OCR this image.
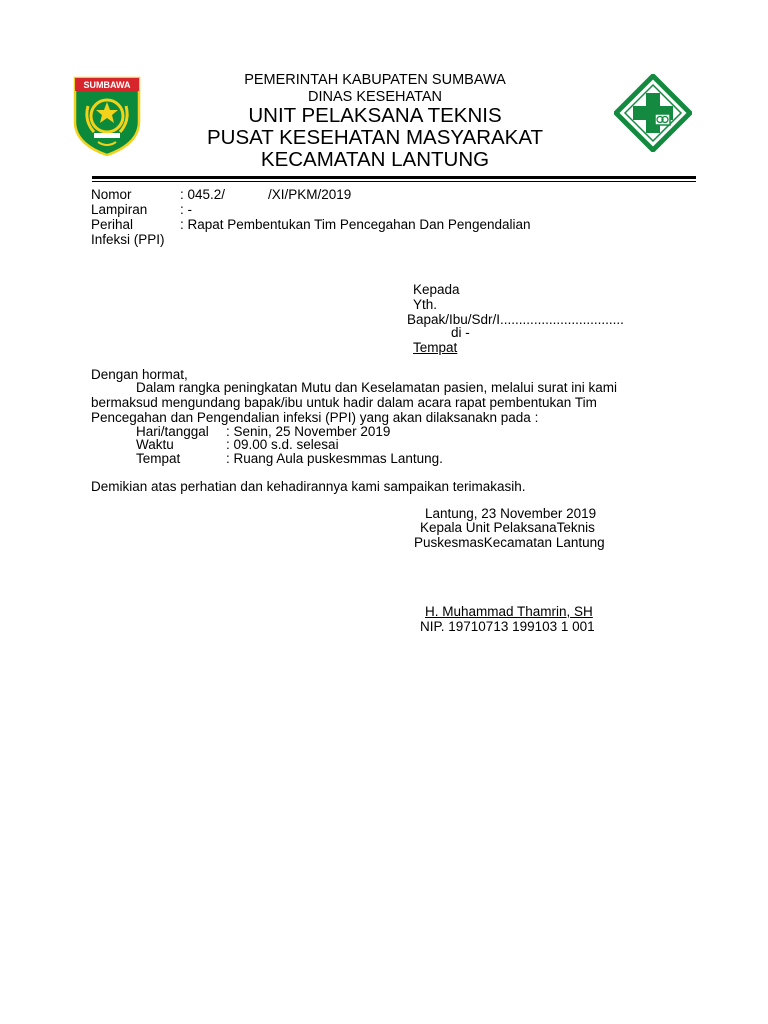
SUMBAWA	PEMERINTAH KABUPATEN SUMBAWA
DINAS KESEHATAN
UNIT PELAKSANA TEKNIS
PUSAT KESEHATAN MASYARAKAT
KECAMATAN LANTUNG
Nomor	: 045.2/	/XI/PKM/2019
Lampiran : -
Perihal	: Rapat Pembentukan Tim Pencegahan Dan Pengendalian
Infeksi (PPI)
Kepada
Yth.
Bapak/Ibu/Sdr/I.................................
di -
Tempat
Dengan hormat,
Dalam rangka peningkatan Mutu dan Keselamatan pasien, melalui surat ini kami
bermaksud mengundang bapak/ibu untuk hadir dalam acara rapat pembentukan Tim
Pencegahan dan Pengendalian infeksi (PPI) yang akan dilaksanakn pada :
Hari/tanggal : Senin, 25 November 2019
Waktu	: 09.00 s.d. selesai
Tempat	: Ruang Aula puskesmmas Lantung.
Demikian atas perhatian dan kehadirannya kami sampaikan terimakasih.
Lantung, 23 November 2019
Kepala Unit PelaksanaTeknis
PuskesmasKecamatan Lantung
H. Muhammad Thamrin, SH
NIP. 19710713 199103 1 001
